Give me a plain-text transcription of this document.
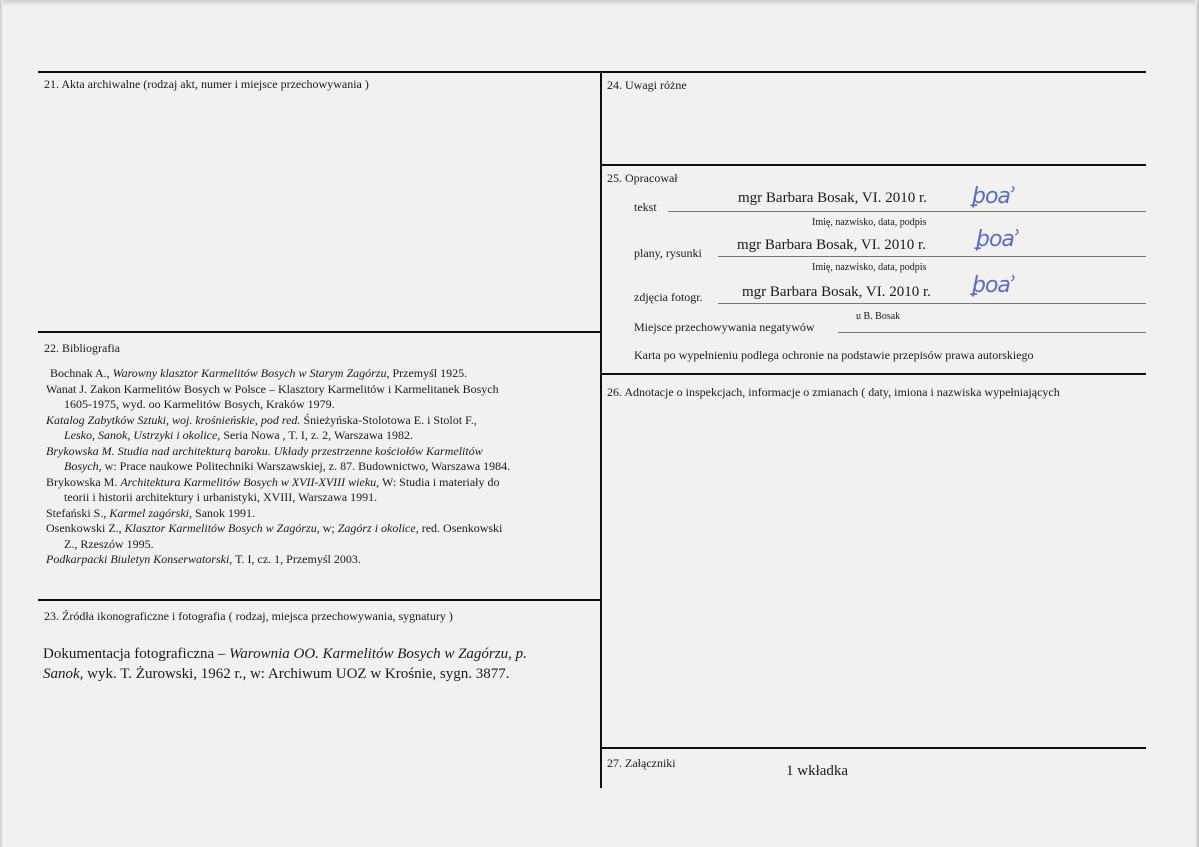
21. Akta archiwalne (rodzaj akt, numer i miejsce przechowywania )
22. Bibliografia

Bochnak A., Warowny klasztor Karmelitów Bosych w Starym Zagórzu, Przemyśl 1925.

Wanat J. Zakon Karmelitów Bosych w Polsce – Klasztory Karmelitów i Karmelitanek Bosych
1605-1975, wyd. oo Karmelitów Bosych, Kraków 1979.

Katalog Zabytków Sztuki, woj. krośnieńskie, pod red. Śnieżyńska-Stolotowa E. i Stolot F.,
Lesko, Sanok, Ustrzyki i okolice, Seria Nowa , T. I, z. 2, Warszawa 1982.

Brykowska M. Studia nad architekturą baroku. Układy przestrzenne kościołów Karmelitów
Bosych, w: Prace naukowe Politechniki Warszawskiej, z. 87. Budownictwo, Warszawa 1984.

Brykowska M. Architektura Karmelitów Bosych w XVII-XVIII wieku, W: Studia i materiały do
teorii i historii architektury i urbanistyki, XVIII, Warszawa 1991.

Stefański S., Karmel zagórski, Sanok 1991.

Osenkowski Z., Klasztor Karmelitów Bosych w Zagórzu, w; Zagórz i okolice, red. Osenkowski
Z., Rzeszów 1995.

Podkarpacki Biuletyn Konserwatorski, T. I, cz. 1, Przemyśl 2003.

23. Źródła ikonograficzne i fotografia ( rodzaj, miejsca przechowywania, sygnatury )
Dokumentacja fotograficzna – Warownia OO. Karmelitów Bosych w Zagórzu, p.
Sanok, wyk. T. Żurowski, 1962 r., w: Archiwum UOZ w Krośnie, sygn. 3877.
24. Uwagi różne
25. Opracował
tekst
mgr Barbara Bosak, VI. 2010 r. ꝧoẚ
Imię, nazwisko, data, podpis
plany, rysunki mgr Barbara Bosak, VI. 2010 r. ꝧoẚ
Imię, nazwisko, data, podpis
zdjęcia fotogr.	mgr Barbara Bosak, VI. 2010 r. ꝧoẚ
Miejsce przechowywania negatywów
u B. Bosak
Karta po wypełnieniu podlega ochronie na podstawie przepisów prawa autorskiego
26. Adnotacje o inspekcjach, informacje o zmianach ( daty, imiona i nazwiska wypełniających
27. Załączniki	1 wkładka
